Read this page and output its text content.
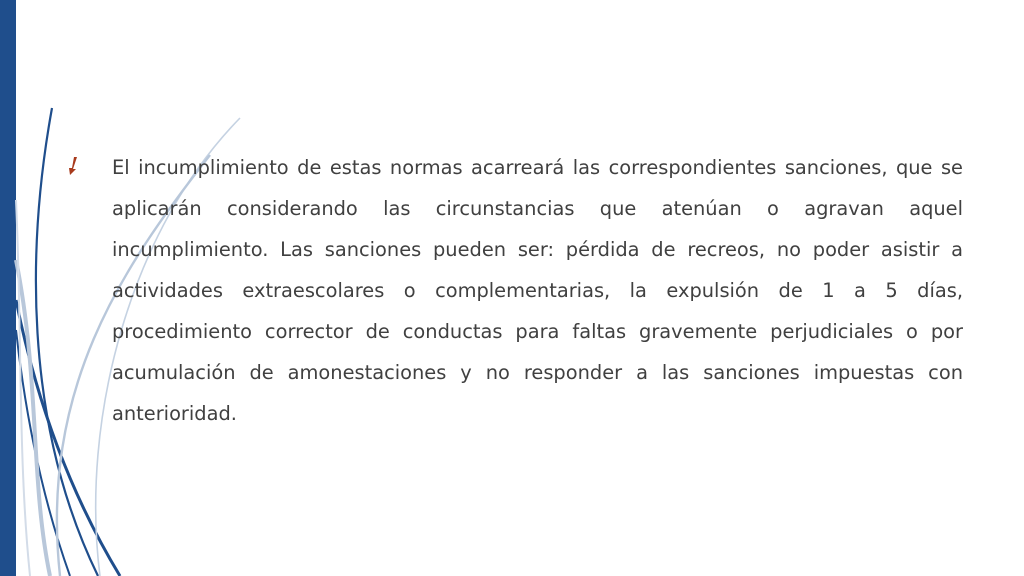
El incumplimiento de estas normas acarreará las correspondientes sanciones, que se aplicarán considerando las circunstancias que atenúan o agravan aquel incumplimiento. Las sanciones pueden ser: pérdida de recreos, no poder asistir a actividades extraescolares o complementarias, la expulsión de 1 a 5 días, procedimiento corrector de conductas para faltas gravemente perjudiciales o por acumulación de amonestaciones y no responder a las sanciones impuestas con anterioridad.
